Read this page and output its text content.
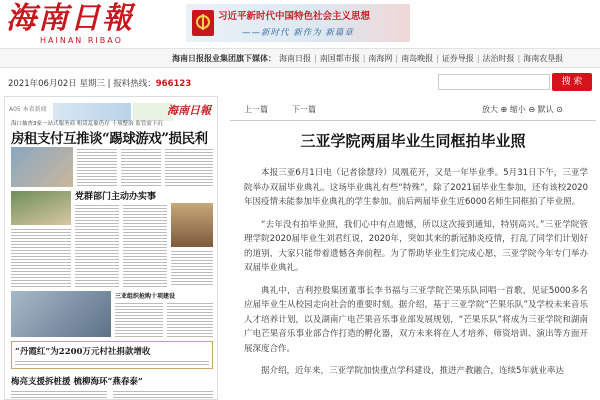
海南日報
HAINAN RIBAO
习近平新时代中国特色社会主义思想
——新时代 新作为 新篇章
海南日报报业集团旗下媒体： 海南日报 | 南国都市报 | 南海网 | 南岛晚报 | 证券导报 | 法治时报 | 海南农垦报
2021年06月02日 星期三 | 报料热线：966123	搜 索
A05 本省新闻	海南日報
海口抽查3家一站式服务商 租赁乱象仍存 十项整治 监管需下沉
房租支付互推谈“踢球游戏”损民利
党群部门主动办实事
三亚组织抢购十项建设
“丹霞红”为2200万元村社捐款增收
梅亮支援拆桩援 梳柳海环“燕春泰”
上一篇	下一篇	放大 ⊕ 缩小 ⊖ 默认 ⊙
三亚学院两届毕业生同框拍毕业照

本报三亚6月1日电（记者徐慧玲）凤凰花开，又是一年毕业季。5月31日下午，三亚学院举办双届毕业典礼。这场毕业典礼有些“特殊”，除了2021届毕业生参加，还有该校2020年因疫情未能参加毕业典礼的学生参加。前后两届毕业生近6000名师生同框拍了毕业照。

“去年没有拍毕业照，我们心中有点遗憾，所以这次接到通知，特别高兴。”三亚学院管理学院2020届毕业生刘君红说，2020年，突如其来的新冠肺炎疫情，打乱了同学们计划好的道别，大家只能带着遗憾各奔前程。为了帮助毕业生们完成心愿，三亚学院今年专门举办双届毕业典礼。

典礼中，吉利控股集团董事长李书福与三亚学院芒果乐队同唱一首歌，见证5000多名应届毕业生从校园走向社会的重要时刻。据介绍，基于三亚学院“芒果乐队”及学校未来音乐人才培养计划，以及湖南广电芒果音乐事业部发展规划，“芒果乐队”将成为三亚学院和湖南广电芒果音乐事业部合作打造的孵化器，双方未来将在人才培养、师资培训、演出等方面开展深度合作。

据介绍，近年来，三亚学院加快重点学科建设，推进产教融合，连续5年就业率达
